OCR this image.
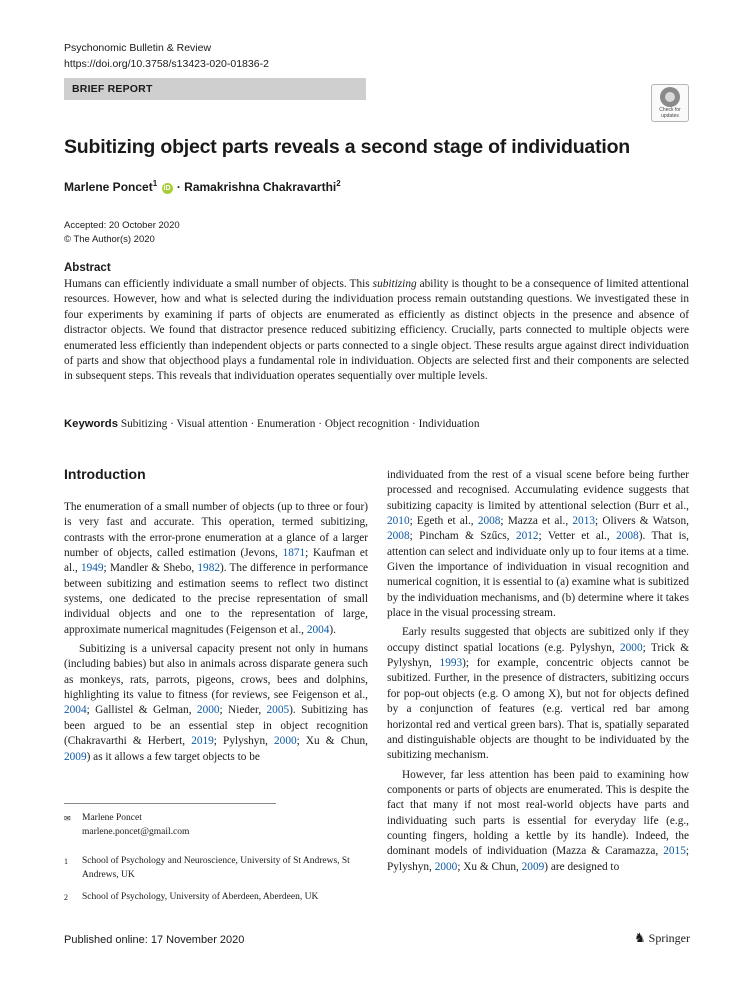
Psychonomic Bulletin & Review
https://doi.org/10.3758/s13423-020-01836-2
BRIEF REPORT
Check for
updates
Subitizing object parts reveals a second stage of individuation
Marlene Poncet$^1$ iD · Ramakrishna Chakravarthi$^2$
Accepted: 20 October 2020
© The Author(s) 2020
Abstract
Humans can efficiently individuate a small number of objects. This subitizing ability is thought to be a consequence of limited attentional resources. However, how and what is selected during the individuation process remain outstanding questions. We investigated these in four experiments by examining if parts of objects are enumerated as efficiently as distinct objects in the presence and absence of distractor objects. We found that distractor presence reduced subitizing efficiency. Crucially, parts connected to multiple objects were enumerated less efficiently than independent objects or parts connected to a single object. These results argue against direct individuation of parts and show that objecthood plays a fundamental role in individuation. Objects are selected first and their components are selected in subsequent steps. This reveals that individuation operates sequentially over multiple levels.
Keywords Subitizing · Visual attention · Enumeration · Object recognition · Individuation
Introduction

The enumeration of a small number of objects (up to three or four) is very fast and accurate. This operation, termed subitizing, contrasts with the error-prone enumeration at a glance of a larger number of objects, called estimation (Jevons, 1871; Kaufman et al., 1949; Mandler & Shebo, 1982). The difference in performance between subitizing and estimation seems to reflect two distinct systems, one dedicated to the precise representation of small individual objects and one to the representation of large, approximate numerical magnitudes (Feigenson et al., 2004).

Subitizing is a universal capacity present not only in humans (including babies) but also in animals across disparate genera such as monkeys, rats, parrots, pigeons, crows, bees and dolphins, highlighting its value to fitness (for reviews, see Feigenson et al., 2004; Gallistel & Gelman, 2000; Nieder, 2005). Subitizing has been argued to be an essential step in object recognition (Chakravarthi & Herbert, 2019; Pylyshyn, 2000; Xu & Chun, 2009) as it allows a few target objects to be

individuated from the rest of a visual scene before being further processed and recognised. Accumulating evidence suggests that subitizing capacity is limited by attentional selection (Burr et al., 2010; Egeth et al., 2008; Mazza et al., 2013; Olivers & Watson, 2008; Pincham & Szűcs, 2012; Vetter et al., 2008). That is, attention can select and individuate only up to four items at a time. Given the importance of individuation in visual recognition and numerical cognition, it is essential to (a) examine what is subitized by the individuation mechanisms, and (b) determine where it takes place in the visual processing stream.

Early results suggested that objects are subitized only if they occupy distinct spatial locations (e.g. Pylyshyn, 2000; Trick & Pylyshyn, 1993); for example, concentric objects cannot be subitized. Further, in the presence of distracters, subitizing occurs for pop-out objects (e.g. O among X), but not for objects defined by a conjunction of features (e.g. vertical red bar among horizontal red and vertical green bars). That is, spatially separated and distinguishable objects are thought to be individuated by the subitizing mechanism.

However, far less attention has been paid to examining how components or parts of objects are enumerated. This is despite the fact that many if not most real-world objects have parts and individuating such parts is essential for everyday life (e.g., counting fingers, holding a kettle by its handle). Indeed, the dominant models of individuation (Mazza & Caramazza, 2015; Pylyshyn, 2000; Xu & Chun, 2009) are designed to

✉ Marlene Poncet
marlene.poncet@gmail.com
1 School of Psychology and Neuroscience, University of St Andrews, St Andrews, UK
2 School of Psychology, University of Aberdeen, Aberdeen, UK
Published online: 17 November 2020	♞ Springer
